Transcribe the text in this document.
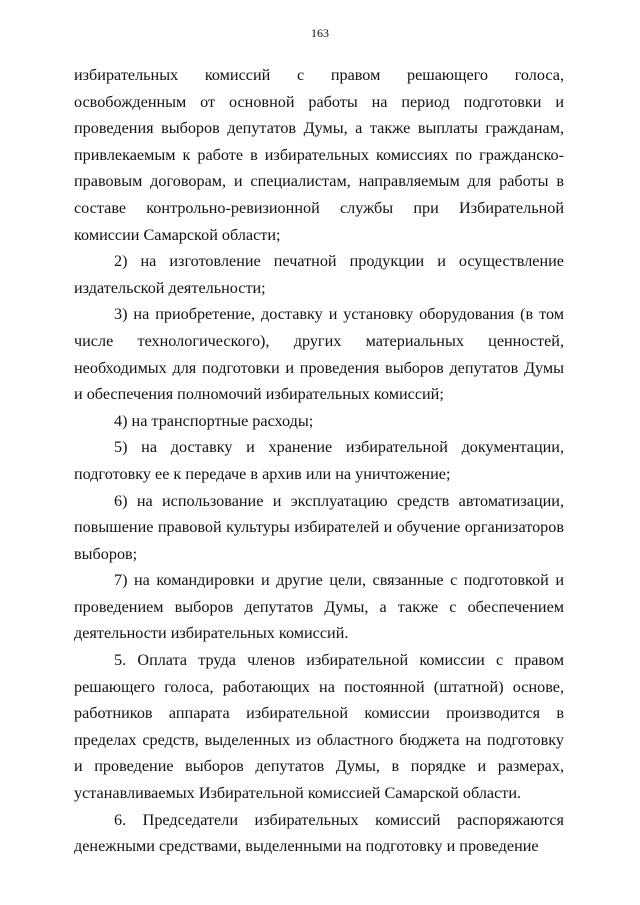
163

избирательных комиссий с правом решающего голоса, освобожденным от основной работы на период подготовки и проведения выборов депутатов Думы, а также выплаты гражданам, привлекаемым к работе в избирательных комиссиях по гражданско-правовым договорам, и специалистам, направляемым для работы в составе контрольно-ревизионной службы при Избирательной комиссии Самарской области;

2) на изготовление печатной продукции и осуществление издательской деятельности;

3) на приобретение, доставку и установку оборудования (в том числе технологического), других материальных ценностей, необходимых для подготовки и проведения выборов депутатов Думы и обеспечения полномочий избирательных комиссий;

4) на транспортные расходы;

5) на доставку и хранение избирательной документации, подготовку ее к передаче в архив или на уничтожение;

6) на использование и эксплуатацию средств автоматизации, повышение правовой культуры избирателей и обучение организаторов выборов;

7) на командировки и другие цели, связанные с подготовкой и проведением выборов депутатов Думы, а также с обеспечением деятельности избирательных комиссий.

5. Оплата труда членов избирательной комиссии с правом решающего голоса, работающих на постоянной (штатной) основе, работников аппарата избирательной комиссии производится в пределах средств, выделенных из областного бюджета на подготовку и проведение выборов депутатов Думы, в порядке и размерах, устанавливаемых Избирательной комиссией Самарской области.

6. Председатели избирательных комиссий распоряжаются денежными средствами, выделенными на подготовку и проведение
